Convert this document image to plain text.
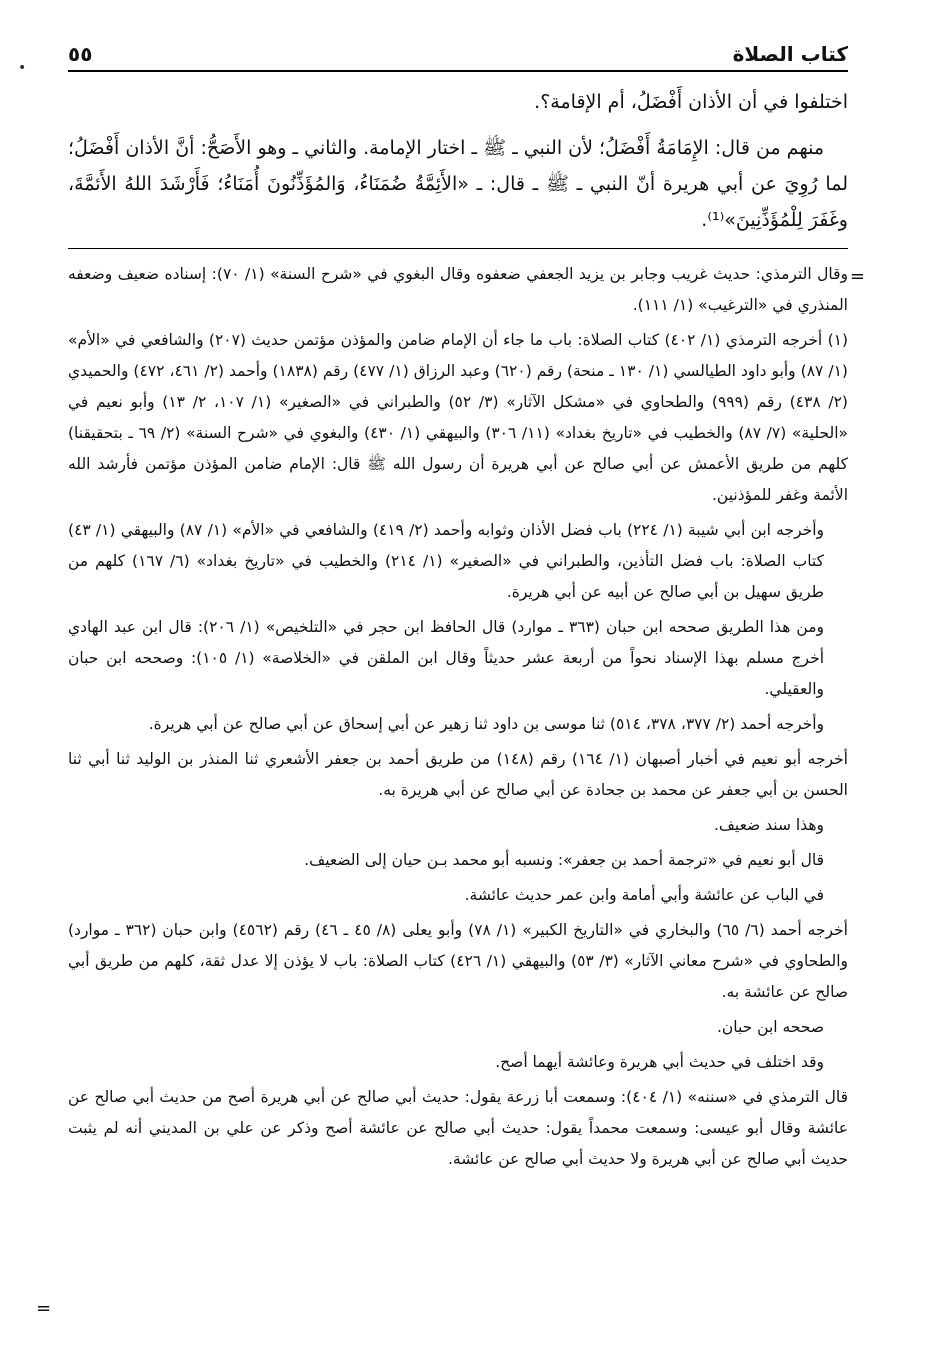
•
كتاب الصلاة
٥٥

اختلفوا في أن الأذان أَفْضَلُ، أم الإقامة؟.

منهم من قال: الإِمَامَةُ أَفْضَلُ؛ لأن النبي ـ ﷺ ـ اختار الإمامة. والثاني ـ وهو الأَصَحُّ: أنَّ الأذان أَفْضَلُ؛ لما رُوِيَ عن أبي هريرة أنّ النبي ـ ﷺ ـ قال: ـ «الأَئِمَّةُ ضُمَنَاءُ، وَالمُؤَذِّنُونَ أُمَنَاءُ؛ فَأَرْشَدَ اللهُ الأَئمَّةَ، وغَفَرَ لِلْمُؤَذِّنِينَ»⁽¹⁾.

وقال الترمذي: حديث غريب وجابر بن يزيد الجعفي ضعفوه وقال البغوي في «شرح السنة» (١/ ٧٠): إسناده ضعيف وضعفه المنذري في «الترغيب» (١/ ١١١).

(١) أخرجه الترمذي (١/ ٤٠٢) كتاب الصلاة: باب ما جاء أن الإمام ضامن والمؤذن مؤتمن حديث (٢٠٧) والشافعي في «الأم» (١/ ٨٧) وأبو داود الطيالسي (١/ ١٣٠ ـ منحة) رقم (٦٢٠) وعبد الرزاق (١/ ٤٧٧) رقم (١٨٣٨) وأحمد (٢/ ٤٦١، ٤٧٢) والحميدي (٢/ ٤٣٨) رقم (٩٩٩) والطحاوي في «مشكل الآثار» (٣/ ٥٢) والطبراني في «الصغير» (١/ ١٠٧، ٢/ ١٣) وأبو نعيم في «الحلية» (٧/ ٨٧) والخطيب في «تاريخ بغداد» (١١/ ٣٠٦) والبيهقي (١/ ٤٣٠) والبغوي في «شرح السنة» (٢/ ٦٩ ـ بتحقيقنا) كلهم من طريق الأعمش عن أبي صالح عن أبي هريرة أن رسول الله ﷺ قال: الإمام ضامن المؤذن مؤتمن فأرشد الله الأئمة وغفر للمؤذنين.

وأخرجه ابن أبي شيبة (١/ ٢٢٤) باب فضل الأذان وثوابه وأحمد (٢/ ٤١٩) والشافعي في «الأم» (١/ ٨٧) والبيهقي (١/ ٤٣) كتاب الصلاة: باب فضل التأذين، والطبراني في «الصغير» (١/ ٢١٤) والخطيب في «تاريخ بغداد» (٦/ ١٦٧) كلهم من طريق سهيل بن أبي صالح عن أبيه عن أبي هريرة.

ومن هذا الطريق صححه ابن حبان (٣٦٣ ـ موارد) قال الحافظ ابن حجر في «التلخيص» (١/ ٢٠٦): قال ابن عبد الهادي أخرج مسلم بهذا الإسناد نحواً من أربعة عشر حديثاً وقال ابن الملقن في «الخلاصة» (١/ ١٠٥): وصححه ابن حبان والعقيلي.

وأخرجه أحمد (٢/ ٣٧٧، ٣٧٨، ٥١٤) ثنا موسى بن داود ثنا زهير عن أبي إسحاق عن أبي صالح عن أبي هريرة.

أخرجه أبو نعيم في أخبار أصبهان (١/ ١٦٤) رقم (١٤٨) من طريق أحمد بن جعفر الأشعري ثنا المنذر بن الوليد ثنا أبي ثنا الحسن بن أبي جعفر عن محمد بن جحادة عن أبي صالح عن أبي هريرة به.

وهذا سند ضعيف.

قال أبو نعيم في «ترجمة أحمد بن جعفر»: ونسبه أبو محمد بـن حيان إلى الضعيف.

في الباب عن عائشة وأبي أمامة وابن عمر حديث عائشة.

أخرجه أحمد (٦/ ٦٥) والبخاري في «التاريخ الكبير» (١/ ٧٨) وأبو يعلى (٨/ ٤٥ ـ ٤٦) رقم (٤٥٦٢) وابن حبان (٣٦٢ ـ موارد) والطحاوي في «شرح معاني الآثار» (٣/ ٥٣) والبيهقي (١/ ٤٢٦) كتاب الصلاة: باب لا يؤذن إلا عدل ثقة، كلهم من طريق أبي صالح عن عائشة به.

صححه ابن حبان.

وقد اختلف في حديث أبي هريرة وعائشة أيهما أصح.

قال الترمذي في «سننه» (١/ ٤٠٤): وسمعت أبا زرعة يقول: حديث أبي صالح عن أبي هريرة أصح من حديث أبي صالح عن عائشة وقال أبو عيسى: وسمعت محمداً يقول: حديث أبي صالح عن عائشة أصح وذكر عن علي بن المديني أنه لم يثبت حديث أبي صالح عن أبي هريرة ولا حديث أبي صالح عن عائشة.

=
=
